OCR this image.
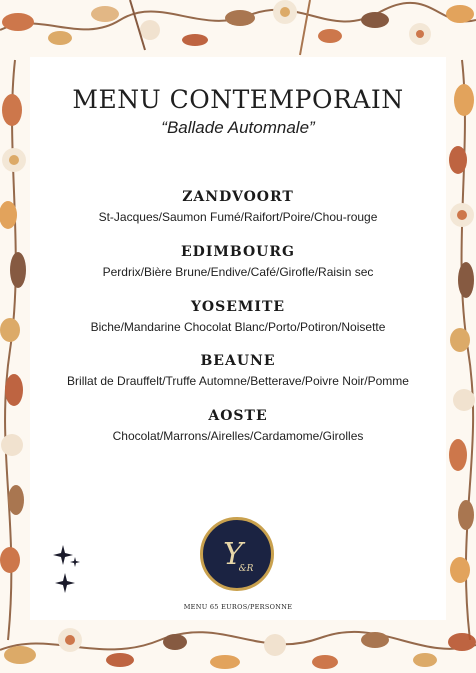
MENU CONTEMPORAIN
“Ballade Automnale”
ZANDVOORT
St-Jacques/Saumon Fumé/Raifort/Poire/Chou-rouge
EDIMBOURG
Perdrix/Bière Brune/Endive/Café/Girofle/Raisin sec
YOSEMITE
Biche/Mandarine Chocolat Blanc/Porto/Potiron/Noisette
BEAUNE
Brillat de Drauffelt/Truffe Automne/Betterave/Poivre Noir/Pomme
AOSTE
Chocolat/Marrons/Airelles/Cardamome/Girolles
Y
&R
MENU 65 EUROS/PERSONNE
